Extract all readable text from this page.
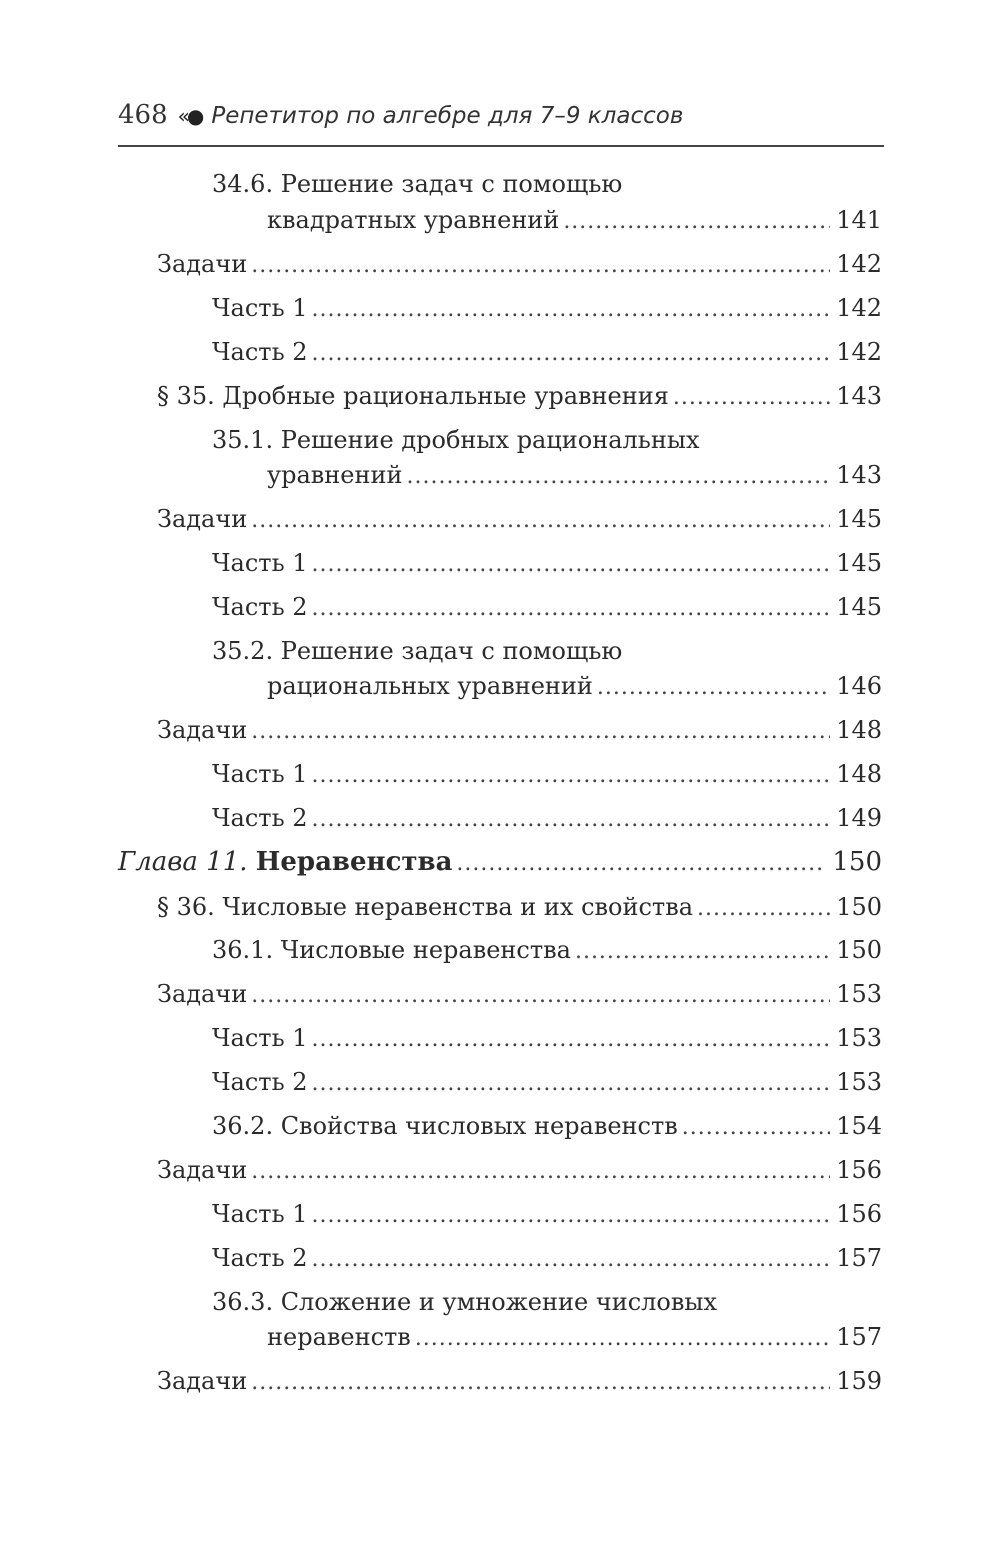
468 «● Репетитор по алгебре для 7–9 классов
34.6. Решение задач с помощью
квадратных уравнений .....	141
Задачи .....	142
Часть 1 .....	142
Часть 2 .....	142
§ 35. Дробные рациональные уравнения .....	143
35.1. Решение дробных рациональных
уравнений .....	143
Задачи .....	145
Часть 1 .....	145
Часть 2 .....	145
35.2. Решение задач с помощью
рациональных уравнений .....	146
Задачи .....	148
Часть 1 .....	148
Часть 2 .....	149
Глава 11. Неравенства .....	150
§ 36. Числовые неравенства и их свойства .....	150
36.1. Числовые неравенства .....	150
Задачи .....	153
Часть 1 .....	153
Часть 2 .....	153
36.2. Свойства числовых неравенств .....	154
Задачи .....	156
Часть 1 .....	156
Часть 2 .....	157
36.3. Сложение и умножение числовых
неравенств .....	157
Задачи .....	159
